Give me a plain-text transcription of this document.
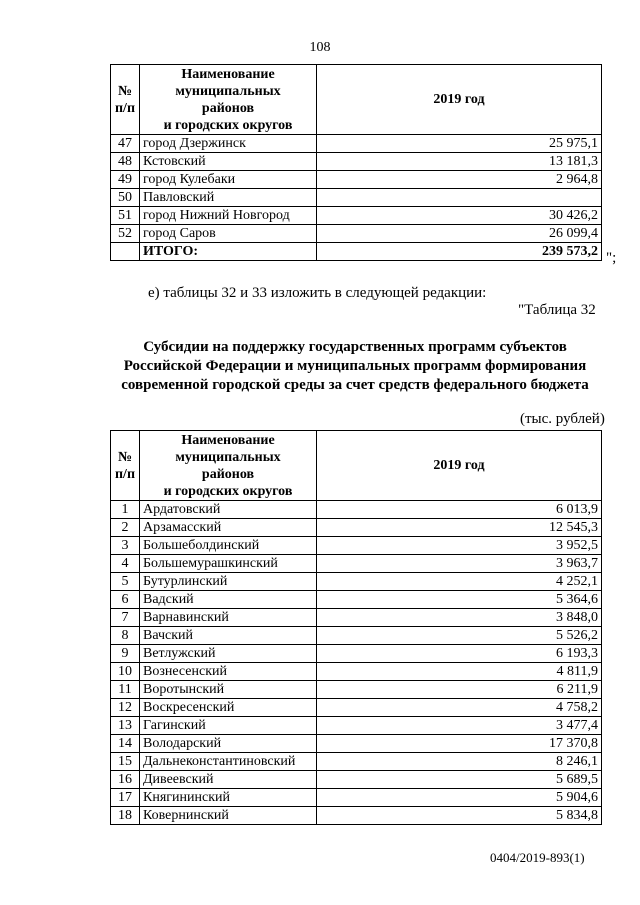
108
№
п/п	Наименование
муниципальных
районов
и городских округов	2019 год
47	город Дзержинск	25 975,1
48	Кстовский	13 181,3
49	город Кулебаки	2 964,8
50	Павловский	
51	город Нижний Новгород	30 426,2
52	город Саров	26 099,4
	ИТОГО:	239 573,2 ";
е) таблицы 32 и 33 изложить в следующей редакции:
"Таблица 32
Субсидии на поддержку государственных программ субъектов
Российской Федерации и муниципальных программ формирования
современной городской среды за счет средств федерального бюджета
(тыс. рублей)
№
п/п	Наименование
муниципальных
районов
и городских округов	2019 год
1	Ардатовский	6 013,9
2	Арзамасский	12 545,3
3	Большеболдинский	3 952,5
4	Большемурашкинский	3 963,7
5	Бутурлинский	4 252,1
6	Вадский	5 364,6
7	Варнавинский	3 848,0
8	Вачский	5 526,2
9	Ветлужский	6 193,3
10	Вознесенский	4 811,9
11	Воротынский	6 211,9
12	Воскресенский	4 758,2
13	Гагинский	3 477,4
14	Володарский	17 370,8
15	Дальнеконстантиновский	8 246,1
16	Дивеевский	5 689,5
17	Княгининский	5 904,6
18	Ковернинский	5 834,8
0404/2019-893(1)
